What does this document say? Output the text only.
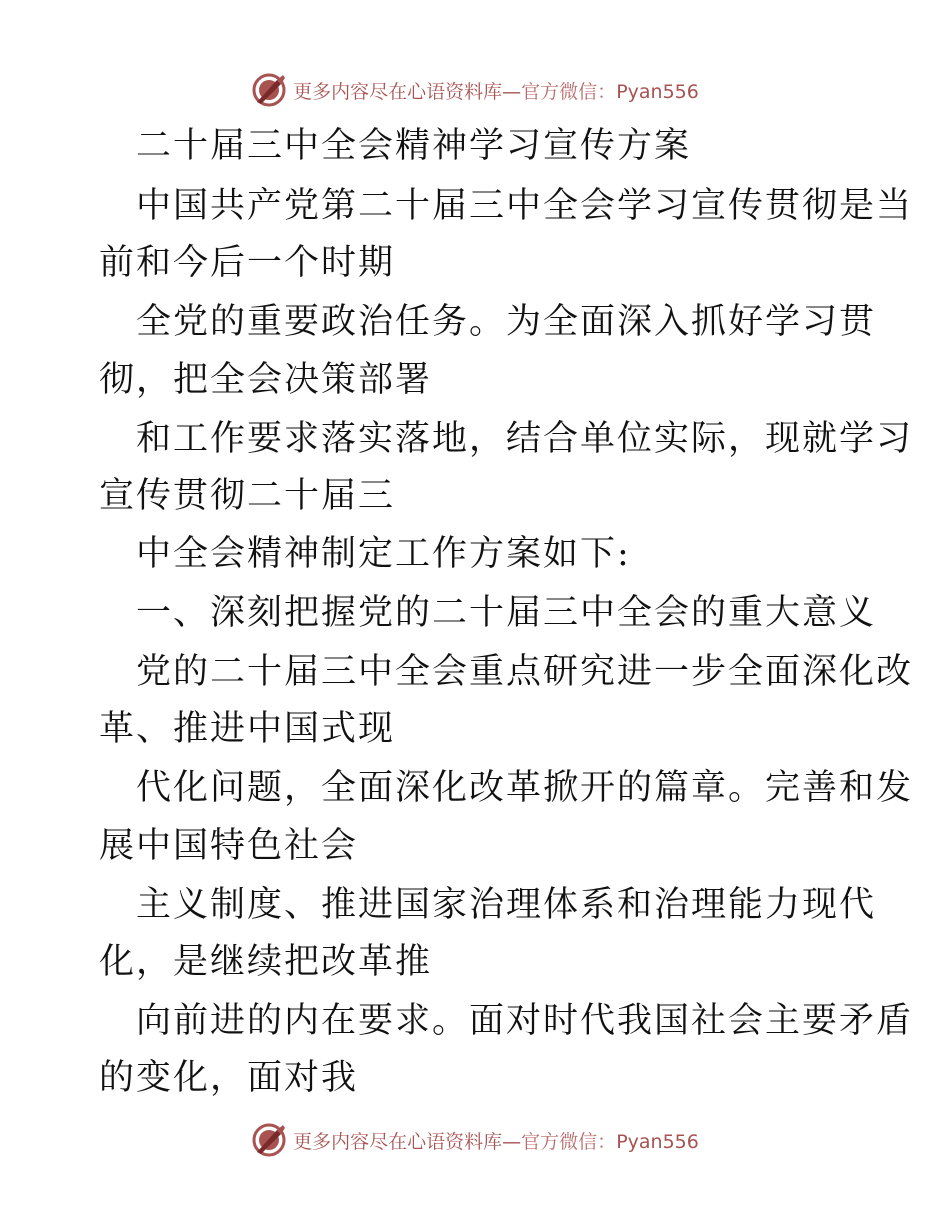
更多内容尽在心语资料库—官方微信：Pyan556
二十届三中全会精神学习宣传方案
中国共产党第二十届三中全会学习宣传贯彻是当
前和今后一个时期
全党的重要政治任务。为全面深入抓好学习贯
彻，把全会决策部署
和工作要求落实落地，结合单位实际，现就学习
宣传贯彻二十届三
中全会精神制定工作方案如下:
一、深刻把握党的二十届三中全会的重大意义
党的二十届三中全会重点研究进一步全面深化改
革、推进中国式现
代化问题，全面深化改革掀开的篇章。完善和发
展中国特色社会
主义制度、推进国家治理体系和治理能力现代
化，是继续把改革推
向前进的内在要求。面对时代我国社会主要矛盾
的变化，面对我
更多内容尽在心语资料库—官方微信：Pyan556
